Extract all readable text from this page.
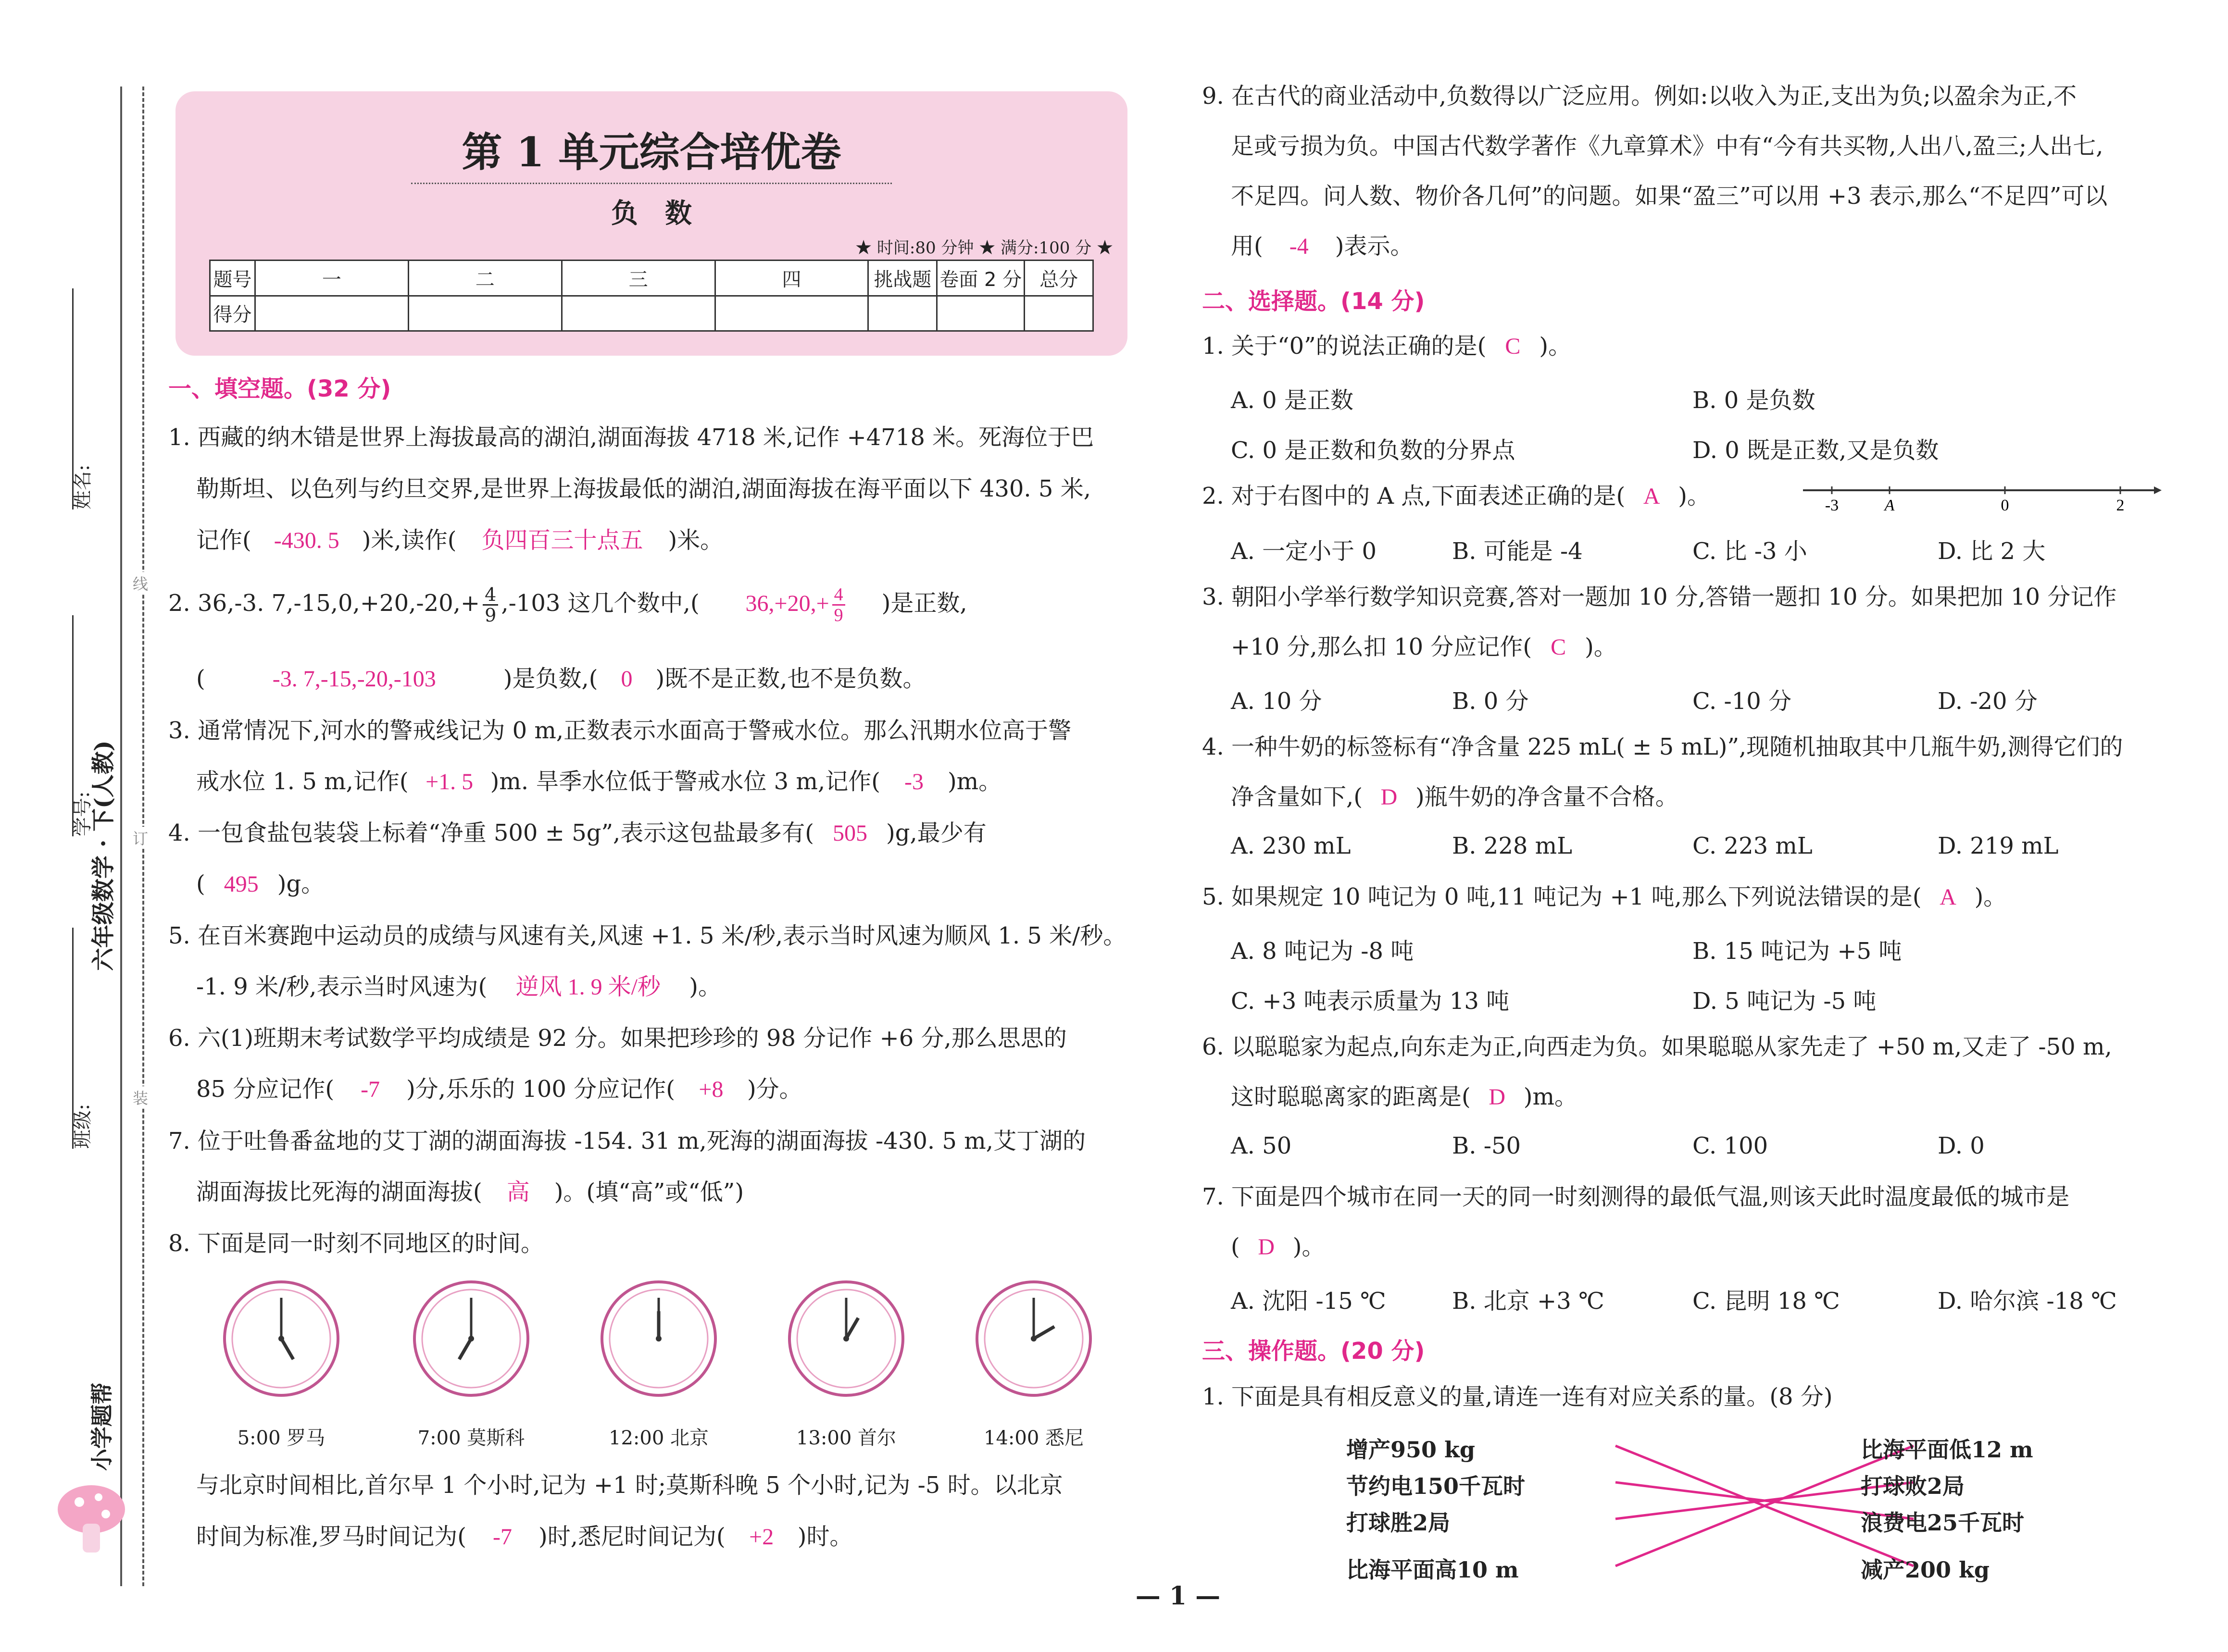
姓名:
学号:
班级:
六年级数学 · 下(人教)
线
订
装
小学题帮
第 1 单元综合培优卷
负　数
★ 时间:80 分钟 ★ 满分:100 分 ★
题号	一	二	三	四	挑战题	卷面 2 分	总分
得分							
一、填空题。(32 分)
1. 西藏的纳木错是世界上海拔最高的湖泊,湖面海拔 4718 米,记作 +4718 米。死海位于巴
勒斯坦、以色列与约旦交界,是世界上海拔最低的湖泊,湖面海拔在海平面以下 430. 5 米,
记作( -430. 5 )米,读作( 负四百三十点五 )米。
2. 36,-3. $7,-15,0,+20,-20,+ \frac{4}{9} ,-103$ 这几个数中,( $36,+20,+ \frac{4}{9}$ )是正数,
(	-3. 7,-15,-20,-103	)是负数,( 0 )既不是正数,也不是负数。
3. 通常情况下,河水的警戒线记为 0 m,正数表示水面高于警戒水位。那么汛期水位高于警
戒水位 1. 5 m,记作( +1. 5 )m. 旱季水位低于警戒水位 3 m,记作( -3 )m。
4. 一包食盐包装袋上标着“净重 500 ± 5g”,表示这包盐最多有( 505 )g,最少有
( 495 )g。
5. 在百米赛跑中运动员的成绩与风速有关,风速 +1. 5 米/秒,表示当时风速为顺风 1. 5 米/秒。
-1. 9 米/秒,表示当时风速为( 逆风 1. 9 米/秒 )。
6. 六(1)班期末考试数学平均成绩是 92 分。如果把珍珍的 98 分记作 +6 分,那么思思的
85 分应记作( -7 )分,乐乐的 100 分应记作( +8 )分。
7. 位于吐鲁番盆地的艾丁湖的湖面海拔 -154. 31 m,死海的湖面海拔 -430. 5 m,艾丁湖的
湖面海拔比死海的湖面海拔( 高 )。(填“高”或“低”)
8. 下面是同一时刻不同地区的时间。
5:00 罗马	7:00 莫斯科	12:00 北京	13:00 首尔	14:00 悉尼
与北京时间相比,首尔早 1 个小时,记为 +1 时;莫斯科晚 5 个小时,记为 -5 时。以北京
时间为标准,罗马时间记为( -7 )时,悉尼时间记为( +2 )时。
9. 在古代的商业活动中,负数得以广泛应用。例如:以收入为正,支出为负;以盈余为正,不
足或亏损为负。中国古代数学著作《九章算术》中有“今有共买物,人出八,盈三;人出七,
不足四。问人数、物价各几何”的问题。如果“盈三”可以用 +3 表示,那么“不足四”可以
用( -4 )表示。
二、选择题。(14 分)
1. 关于“0”的说法正确的是( C )。
A. 0 是正数	B. 0 是负数
C. 0 是正数和负数的分界点	D. 0 既是正数,又是负数
2. 对于右图中的 A 点,下面表述正确的是( A )。	-3	A	0	2
A. 一定小于 0	B. 可能是 -4	C. 比 -3 小	D. 比 2 大
3. 朝阳小学举行数学知识竞赛,答对一题加 10 分,答错一题扣 10 分。如果把加 10 分记作
+10 分,那么扣 10 分应记作( C )。
A. 10 分	B. 0 分	C. -10 分	D. -20 分
4. 一种牛奶的标签标有“净含量 225 mL( ± 5 mL)”,现随机抽取其中几瓶牛奶,测得它们的
净含量如下,( D )瓶牛奶的净含量不合格。
A. 230 mL	B. 228 mL	C. 223 mL	D. 219 mL
5. 如果规定 10 吨记为 0 吨,11 吨记为 +1 吨,那么下列说法错误的是( A )。
A. 8 吨记为 -8 吨	B. 15 吨记为 +5 吨
C. +3 吨表示质量为 13 吨	D. 5 吨记为 -5 吨
6. 以聪聪家为起点,向东走为正,向西走为负。如果聪聪从家先走了 +50 m,又走了 -50 m,
这时聪聪离家的距离是( D )m。
A. 50	B. -50	C. 100	D. 0
7. 下面是四个城市在同一天的同一时刻测得的最低气温,则该天此时温度最低的城市是
( D )。
A. 沈阳 -15 ℃	B. 北京 +3 ℃	C. 昆明 18 ℃	D. 哈尔滨 -18 ℃
三、操作题。(20 分)
1. 下面是具有相反意义的量,请连一连有对应关系的量。(8 分)
增产950 kg
节约电150千瓦时
打球胜2局
比海平面高10 m
比海平面低12 m
打球败2局
浪费电25千瓦时
减产200 kg
— 1 —
